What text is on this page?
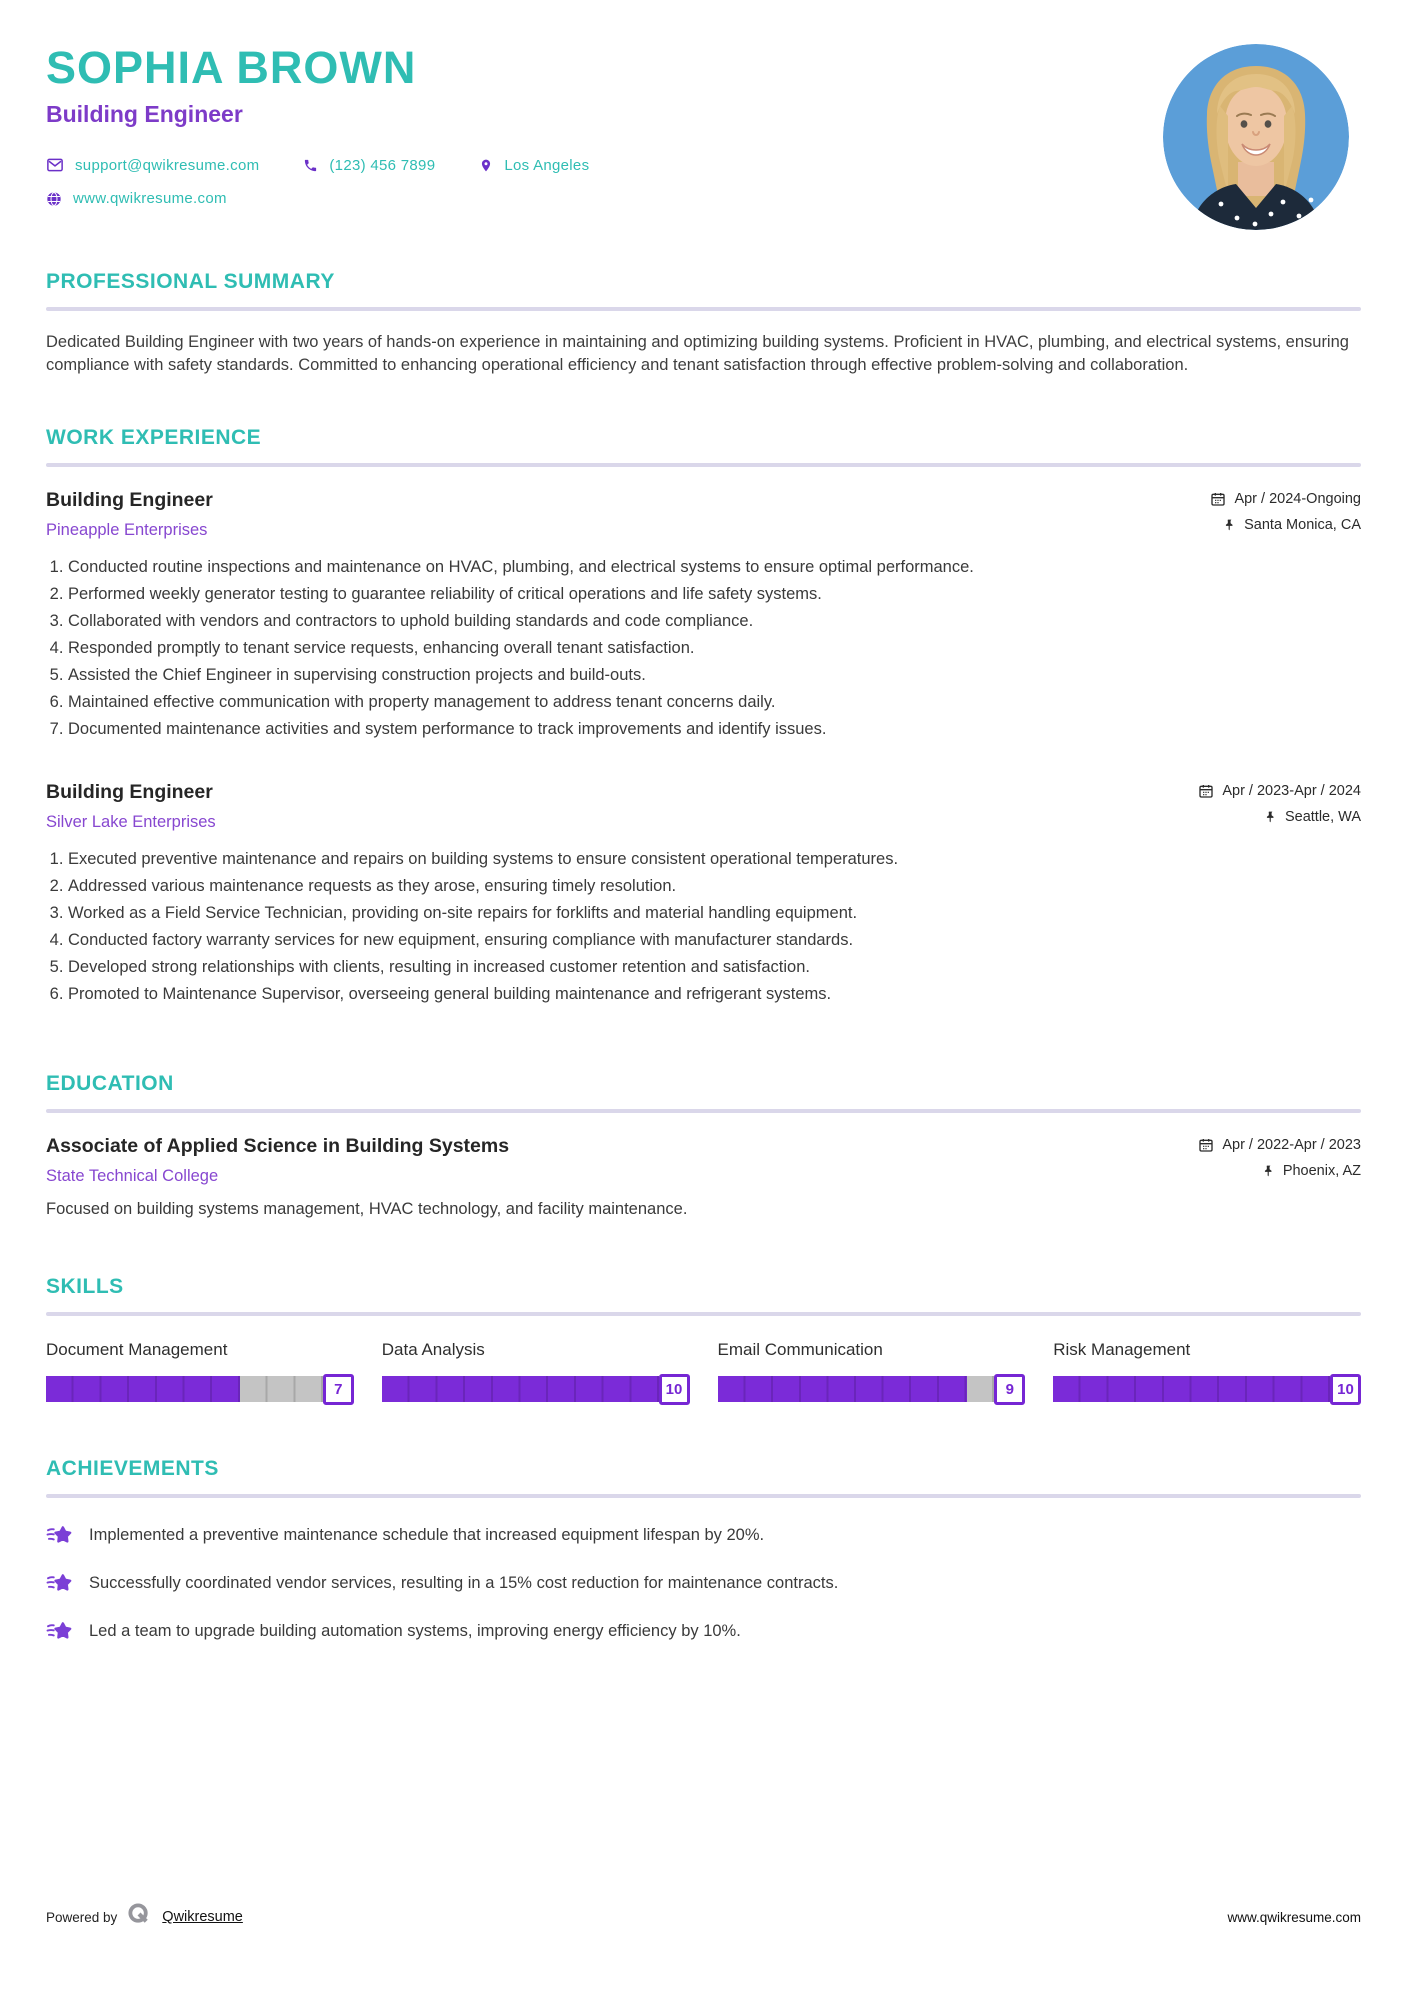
SOPHIA BROWN
Building Engineer
support@qwikresume.com	(123) 456 7899	Los Angeles
www.qwikresume.com
PROFESSIONAL SUMMARY

Dedicated Building Engineer with two years of hands-on experience in maintaining and optimizing building systems. Proficient in HVAC, plumbing, and electrical systems, ensuring compliance with safety standards. Committed to enhancing operational efficiency and tenant satisfaction through effective problem-solving and collaboration.

WORK EXPERIENCE
Building Engineer
Pineapple Enterprises
Apr / 2024-Ongoing
Santa Monica, CA
1. Conducted routine inspections and maintenance on HVAC, plumbing, and electrical systems to ensure optimal performance.
2. Performed weekly generator testing to guarantee reliability of critical operations and life safety systems.
3. Collaborated with vendors and contractors to uphold building standards and code compliance.
4. Responded promptly to tenant service requests, enhancing overall tenant satisfaction.
5. Assisted the Chief Engineer in supervising construction projects and build-outs.
6. Maintained effective communication with property management to address tenant concerns daily.
7. Documented maintenance activities and system performance to track improvements and identify issues.
Building Engineer
Silver Lake Enterprises
Apr / 2023-Apr / 2024
Seattle, WA
1. Executed preventive maintenance and repairs on building systems to ensure consistent operational temperatures.
2. Addressed various maintenance requests as they arose, ensuring timely resolution.
3. Worked as a Field Service Technician, providing on-site repairs for forklifts and material handling equipment.
4. Conducted factory warranty services for new equipment, ensuring compliance with manufacturer standards.
5. Developed strong relationships with clients, resulting in increased customer retention and satisfaction.
6. Promoted to Maintenance Supervisor, overseeing general building maintenance and refrigerant systems.
EDUCATION
Associate of Applied Science in Building Systems
State Technical College
Apr / 2022-Apr / 2023
Phoenix, AZ

Focused on building systems management, HVAC technology, and facility maintenance.

SKILLS
Document Management
7
Data Analysis
10
Email Communication
9
Risk Management
10
ACHIEVEMENTS
Implemented a preventive maintenance schedule that increased equipment lifespan by 20%.
Successfully coordinated vendor services, resulting in a 15% cost reduction for maintenance contracts.
Led a team to upgrade building automation systems, improving energy efficiency by 10%.
Powered by	Qwikresume	www.qwikresume.com
